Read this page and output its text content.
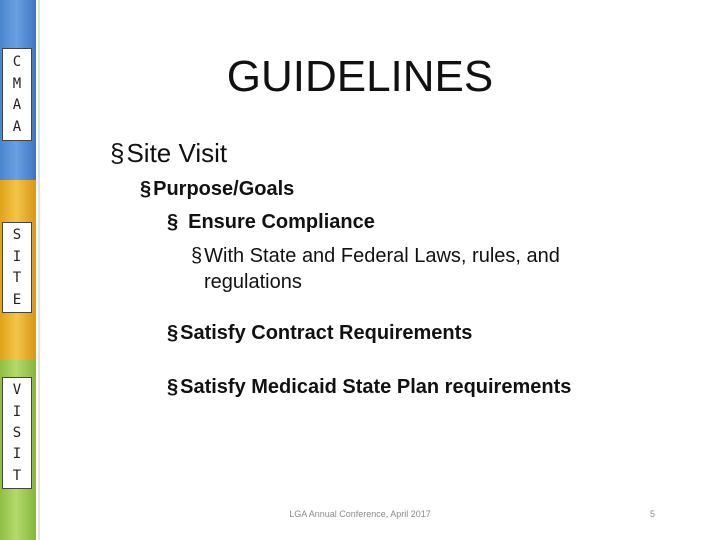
C
M
A
A
S
I
T
E
V
I
S
I
T
GUIDELINES
§Site Visit
§ Purpose/Goals
§ Ensure Compliance
§ With State and Federal Laws, rules, and
regulations
§ Satisfy Contract Requirements
§ Satisfy Medicaid State Plan requirements
LGA Annual Conference, April 2017	5
